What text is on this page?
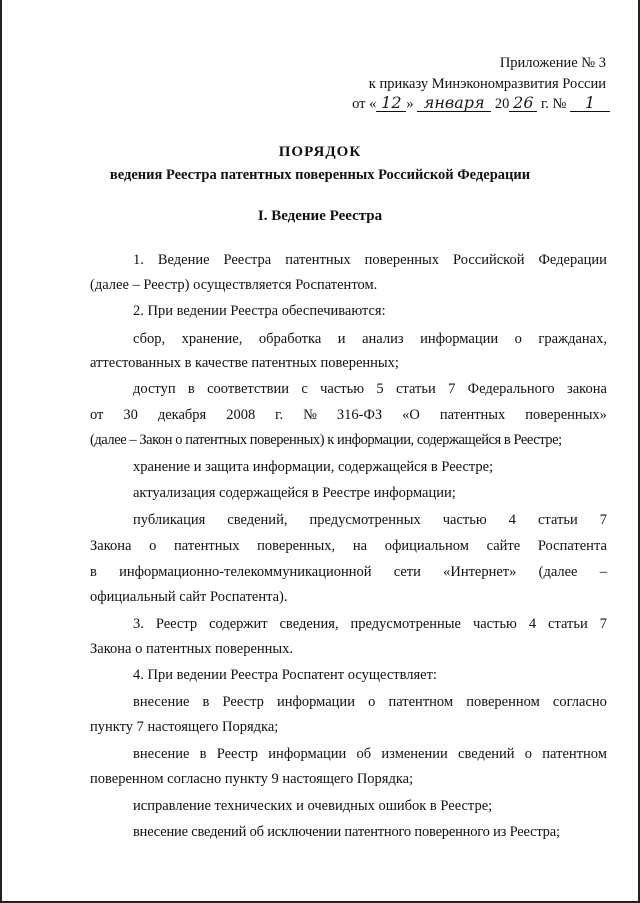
Приложение № 3
к приказу Минэкономразвития России
от « 12 » января 20 26 г. № 1
ПОРЯДОК
ведения Реестра патентных поверенных Российской Федерации
I. Ведение Реестра
1. Ведение Реестра патентных поверенных Российской Федерации
(далее – Реестр) осуществляется Роспатентом.
2. При ведении Реестра обеспечиваются:
сбор, хранение, обработка и анализ информации о гражданах,
аттестованных в качестве патентных поверенных;
доступ в соответствии с частью 5 статьи 7 Федерального закона
от 30 декабря 2008 г. № 316-ФЗ «О патентных поверенных»
(далее – Закон о патентных поверенных) к информации, содержащейся в Реестре;
хранение и защита информации, содержащейся в Реестре;
актуализация содержащейся в Реестре информации;
публикация сведений, предусмотренных частью 4 статьи 7
Закона о патентных поверенных, на официальном сайте Роспатента
в информационно-телекоммуникационной сети «Интернет» (далее –
официальный сайт Роспатента).
3. Реестр содержит сведения, предусмотренные частью 4 статьи 7
Закона о патентных поверенных.
4. При ведении Реестра Роспатент осуществляет:
внесение в Реестр информации о патентном поверенном согласно
пункту 7 настоящего Порядка;
внесение в Реестр информации об изменении сведений о патентном
поверенном согласно пункту 9 настоящего Порядка;
исправление технических и очевидных ошибок в Реестре;
внесение сведений об исключении патентного поверенного из Реестра;
